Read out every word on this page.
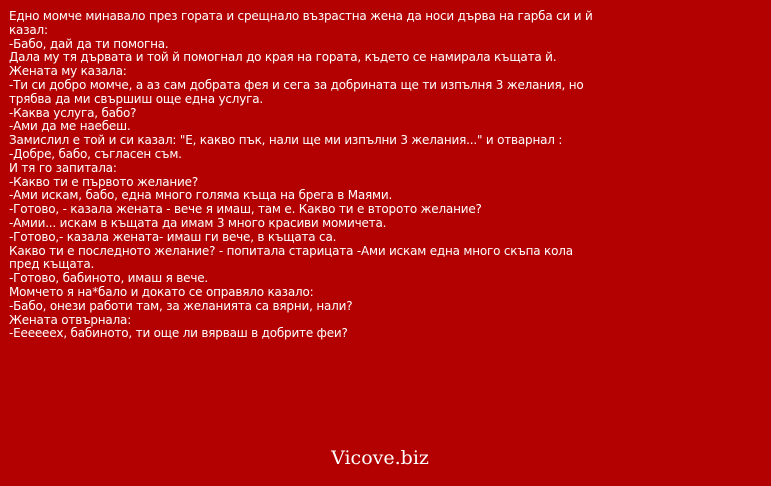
Едно момче минавало през гората и срещнало възрастна жена да носи дърва на гарба си и й казал:
-Бабо, дай да ти помогна.
Дала му тя дървата и той й помогнал до края на гората, където се намирала къщата й. Жената му казала:
-Ти си добро момче, а аз сам добрата фея и сега за добрината ще ти изпълня 3 желания, но трябва да ми свършиш още една услуга.
-Каква услуга, бабо?
-Ами да ме наебеш.
Замислил е той и си казал: "Е, какво пък, нали ще ми изпълни 3 желания..." и отварнал :
-Добре, бабо, съгласен съм.
И тя го запитала:
-Какво ти е първото желание?
-Ами искам, бабо, една много голяма къща на брега в Маями.
-Готово, - казала жената - вече я имаш, там е. Какво ти е второто желание?
-Амии... искам в къщата да имам 3 много красиви момичета.
-Готово,- казала жената- имаш ги вече, в къщата са.
Какво ти е последното желание? - попитала старицата -Ами искам една много скъпа кола пред къщата.
-Готово, бабиното, имаш я вече.
Момчето я на*бало и докато се оправяло казало:
-Бабо, онези работи там, за желанията са вярни, нали?
Жената отвърнала:
-Ееееeех, бабиното, ти още ли вярваш в добрите феи?
Vicove.biz
